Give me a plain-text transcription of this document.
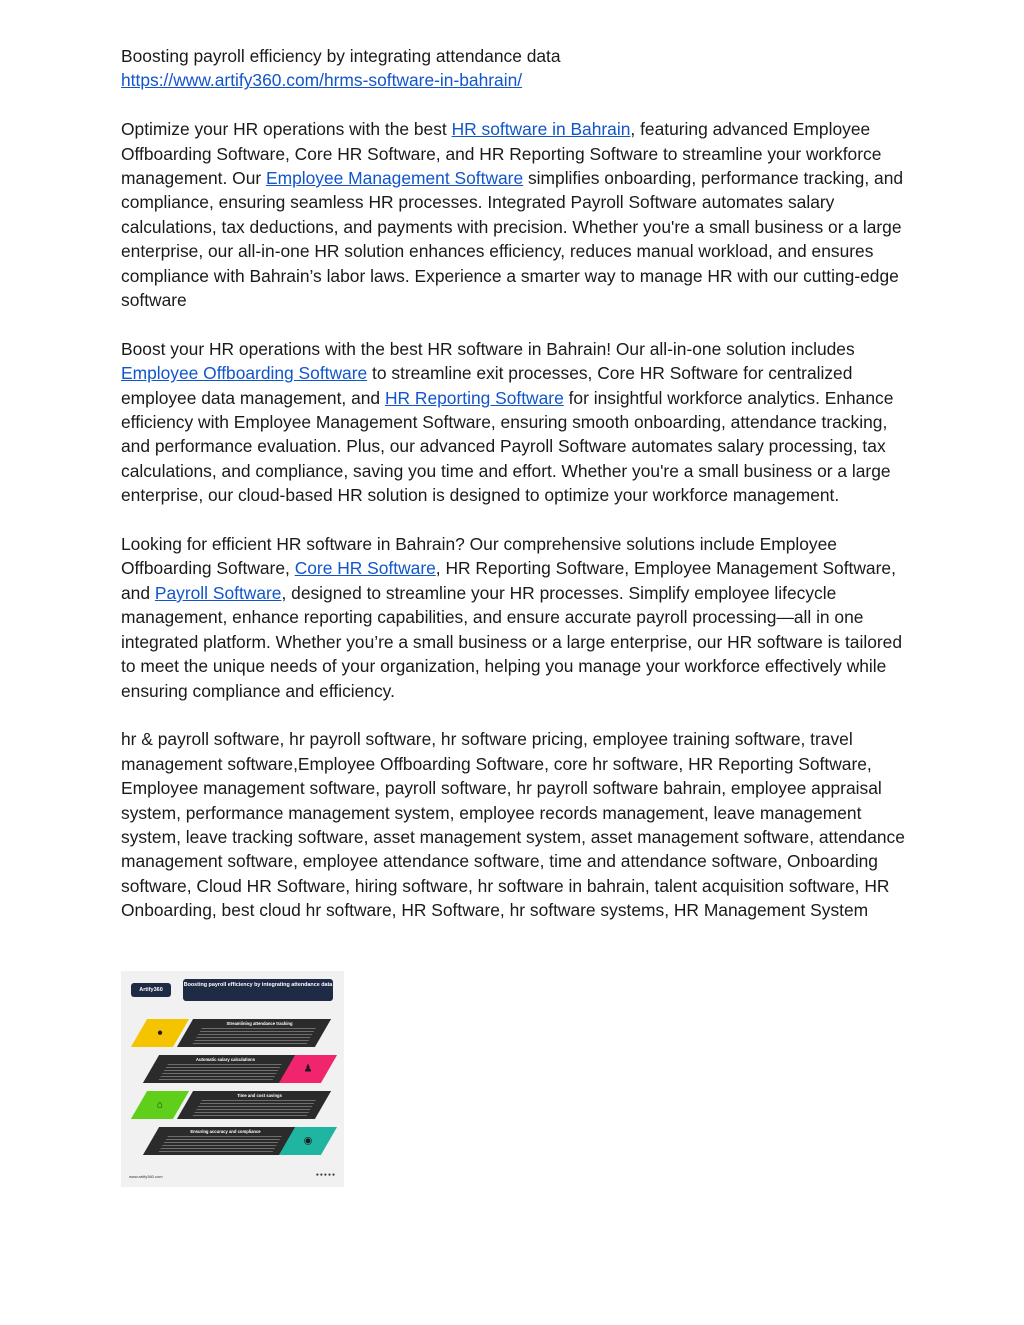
Boosting payroll efficiency by integrating attendance data

https://www.artify360.com/hrms-software-in-bahrain/

Optimize your HR operations with the best HR software in Bahrain, featuring advanced Employee Offboarding Software, Core HR Software, and HR Reporting Software to streamline your workforce management. Our Employee Management Software simplifies onboarding, performance tracking, and compliance, ensuring seamless HR processes. Integrated Payroll Software automates salary calculations, tax deductions, and payments with precision. Whether you're a small business or a large enterprise, our all-in-one HR solution enhances efficiency, reduces manual workload, and ensures compliance with Bahrain’s labor laws. Experience a smarter way to manage HR with our cutting-edge software

Boost your HR operations with the best HR software in Bahrain! Our all-in-one solution includes Employee Offboarding Software to streamline exit processes, Core HR Software for centralized employee data management, and HR Reporting Software for insightful workforce analytics. Enhance efficiency with Employee Management Software, ensuring smooth onboarding, attendance tracking, and performance evaluation. Plus, our advanced Payroll Software automates salary processing, tax calculations, and compliance, saving you time and effort. Whether you're a small business or a large enterprise, our cloud-based HR solution is designed to optimize your workforce management.

Looking for efficient HR software in Bahrain? Our comprehensive solutions include Employee Offboarding Software, Core HR Software, HR Reporting Software, Employee Management Software, and Payroll Software, designed to streamline your HR processes. Simplify employee lifecycle management, enhance reporting capabilities, and ensure accurate payroll processing—all in one integrated platform. Whether you’re a small business or a large enterprise, our HR software is tailored to meet the unique needs of your organization, helping you manage your workforce effectively while ensuring compliance and efficiency.

hr & payroll software, hr payroll software, hr software pricing, employee training software, travel management software,Employee Offboarding Software, core hr software, HR Reporting Software, Employee management software, payroll software, hr payroll software bahrain, employee appraisal system, performance management system, employee records management, leave management system, leave tracking software, asset management system, asset management software, attendance management software, employee attendance software, time and attendance software, Onboarding software, Cloud HR Software, hiring software, hr software in bahrain, talent acquisition software, HR Onboarding, best cloud hr software, HR Software, hr software systems, HR Management System

Artify360
Boosting payroll efficiency by integrating attendance data
●
Streamlining attendance tracking
Automatic salary calculations
♟
⌂
Time and cost savings
Ensuring accuracy and compliance
◉
www.artify360.com	●●●●●
